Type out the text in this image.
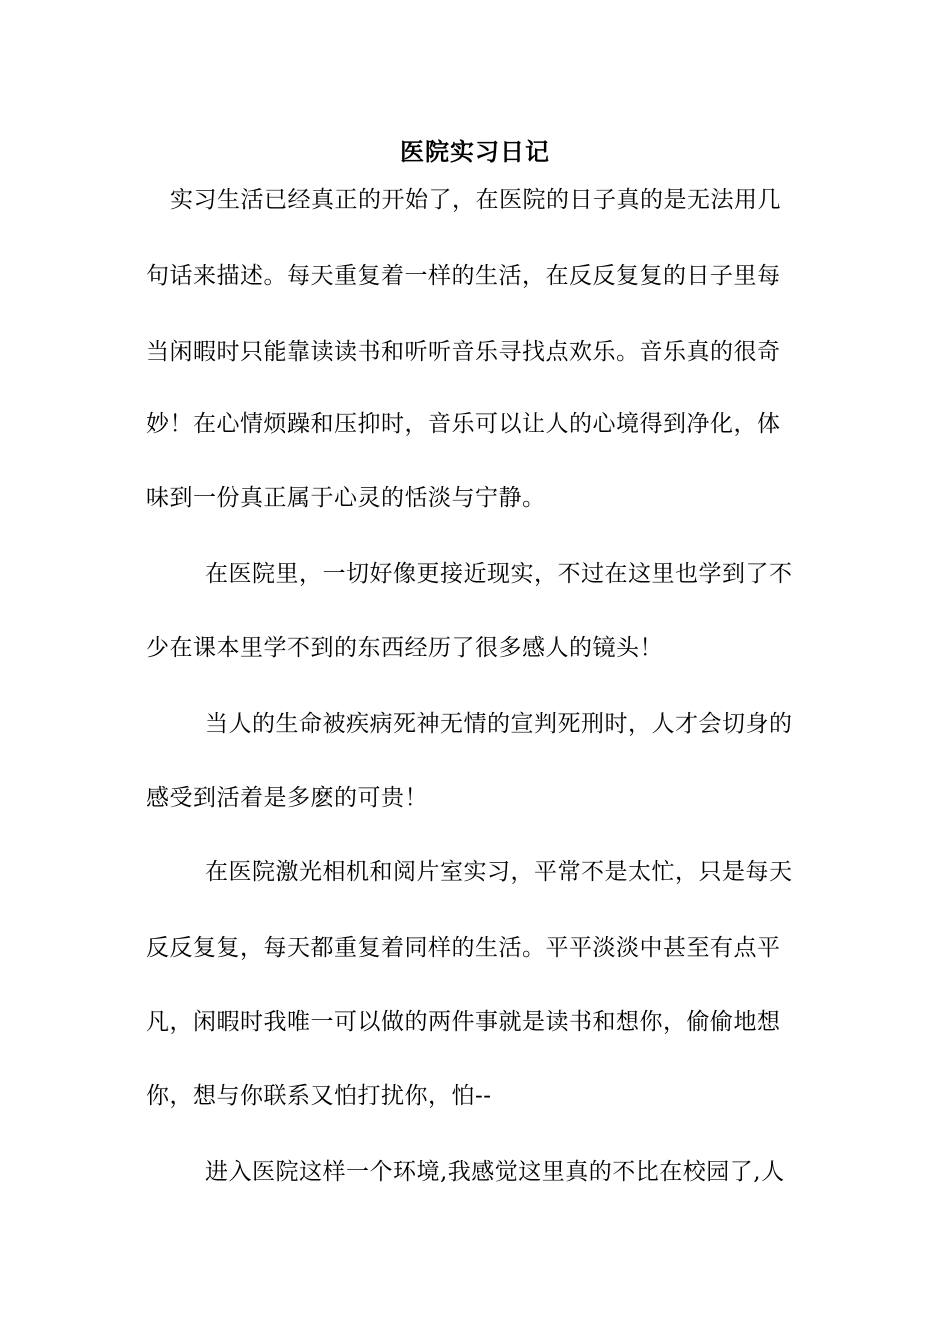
医院实习日记
实习生活已经真正的开始了，在医院的日子真的是无法用几
句话来描述。每天重复着一样的生活，在反反复复的日子里每
当闲暇时只能靠读读书和听听音乐寻找点欢乐。音乐真的很奇
妙！在心情烦躁和压抑时，音乐可以让人的心境得到净化，体
味到一份真正属于心灵的恬淡与宁静。
在医院里，一切好像更接近现实，不过在这里也学到了不
少在课本里学不到的东西经历了很多感人的镜头！
当人的生命被疾病死神无情的宣判死刑时，人才会切身的
感受到活着是多麽的可贵！
在医院激光相机和阅片室实习，平常不是太忙，只是每天
反反复复，每天都重复着同样的生活。平平淡淡中甚至有点平
凡，闲暇时我唯一可以做的两件事就是读书和想你，偷偷地想
你，想与你联系又怕打扰你，怕--
进入医院这样一个环境,我感觉这里真的不比在校园了,人
